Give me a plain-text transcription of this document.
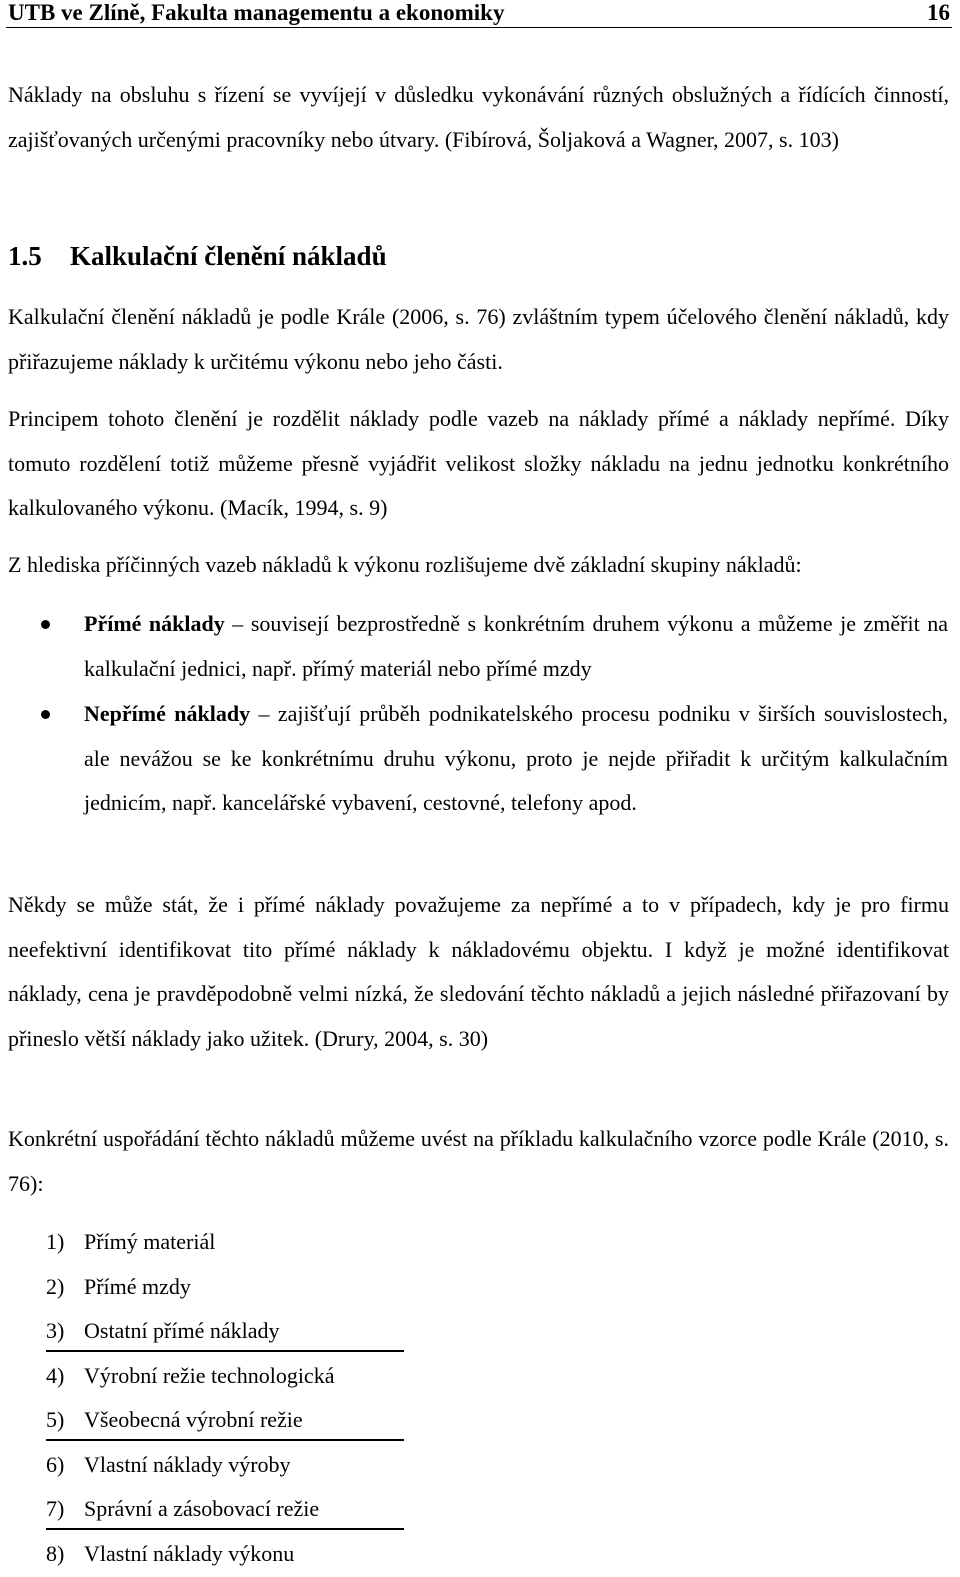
UTB ve Zlíně, Fakulta managementu a ekonomiky	16

Náklady na obsluhu s řízení se vyvíjejí v důsledku vykonávání různých obslužných a řídících činností, zajišťovaných určenými pracovníky nebo útvary. (Fibírová, Šoljaková a Wagner, 2007, s. 103)

1.5 Kalkulační členění nákladů

Kalkulační členění nákladů je podle Krále (2006, s. 76) zvláštním typem účelového členění nákladů, kdy přiřazujeme náklady k určitému výkonu nebo jeho části.

Principem tohoto členění je rozdělit náklady podle vazeb na náklady přímé a náklady nepřímé. Díky tomuto rozdělení totiž můžeme přesně vyjádřit velikost složky nákladu na jednu jednotku konkrétního kalkulovaného výkonu. (Macík, 1994, s. 9)

Z hlediska příčinných vazeb nákladů k výkonu rozlišujeme dvě základní skupiny nákladů:

Přímé náklady – souvisejí bezprostředně s konkrétním druhem výkonu a můžeme je změřit na kalkulační jednici, např. přímý materiál nebo přímé mzdy
Nepřímé náklady – zajišťují průběh podnikatelského procesu podniku v širších souvislostech, ale nevážou se ke konkrétnímu druhu výkonu, proto je nejde přiřadit k určitým kalkulačním jednicím, např. kancelářské vybavení, cestovné, telefony apod.

Někdy se může stát, že i přímé náklady považujeme za nepřímé a to v případech, kdy je pro firmu neefektivní identifikovat tito přímé náklady k nákladovému objektu. I když je možné identifikovat náklady, cena je pravděpodobně velmi nízká, že sledování těchto nákladů a jejich následné přiřazovaní by přineslo větší náklady jako užitek. (Drury, 2004, s. 30)

Konkrétní uspořádání těchto nákladů můžeme uvést na příkladu kalkulačního vzorce podle Krále (2010, s. 76):

1) Přímý materiál
2) Přímé mzdy
3) Ostatní přímé náklady
4) Výrobní režie technologická
5) Všeobecná výrobní režie
6) Vlastní náklady výroby
7) Správní a zásobovací režie
8) Vlastní náklady výkonu
